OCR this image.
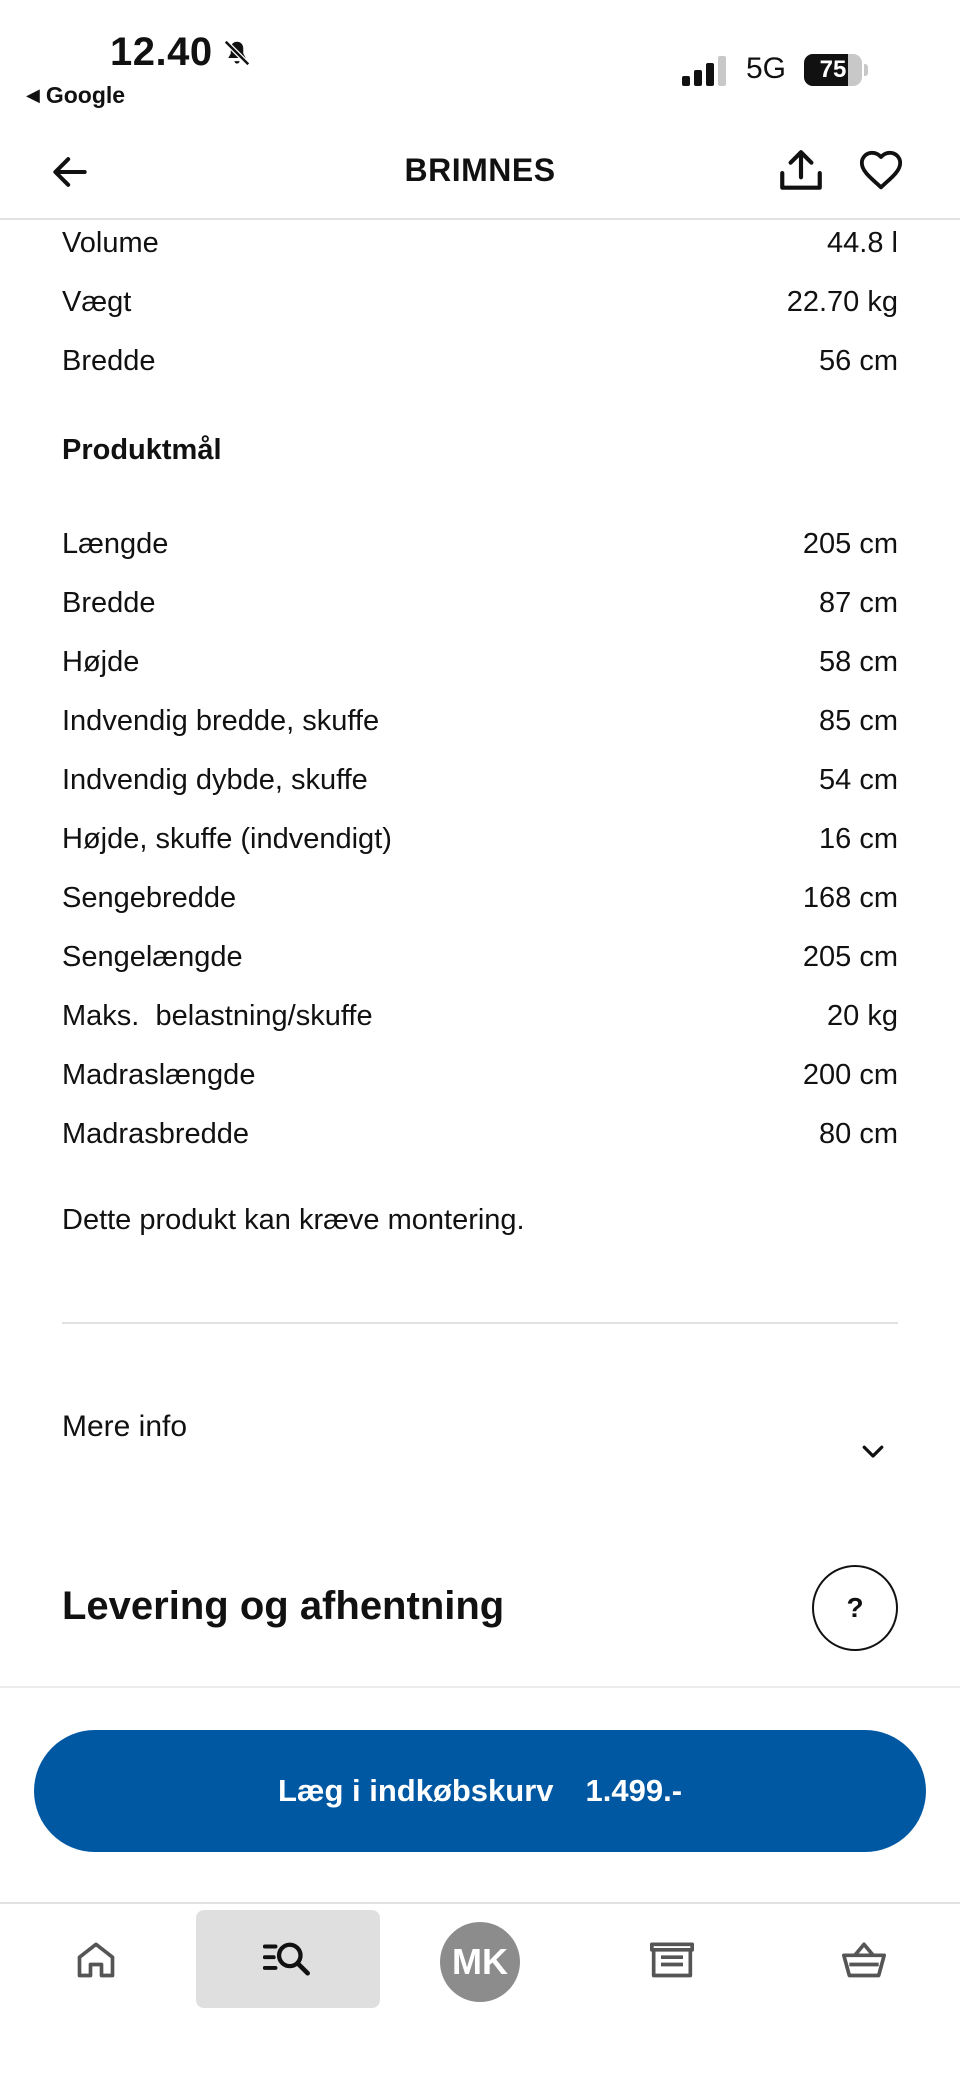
12.40
◀ Google
5G	75
BRIMNES
Volume	44.8 l
Vægt	22.70 kg
Bredde	56 cm
Produktmål
Længde	205 cm
Bredde	87 cm
Højde	58 cm
Indvendig bredde, skuffe	85 cm
Indvendig dybde, skuffe	54 cm
Højde, skuffe (indvendigt)	16 cm
Sengebredde	168 cm
Sengelængde	205 cm
Maks.  belastning/skuffe	20 kg
Madraslængde	200 cm
Madrasbredde	80 cm
Dette produkt kan kræve montering.
Mere info
Levering og afhentning	?
Læg i indkøbskurv 1.499.-
MK
